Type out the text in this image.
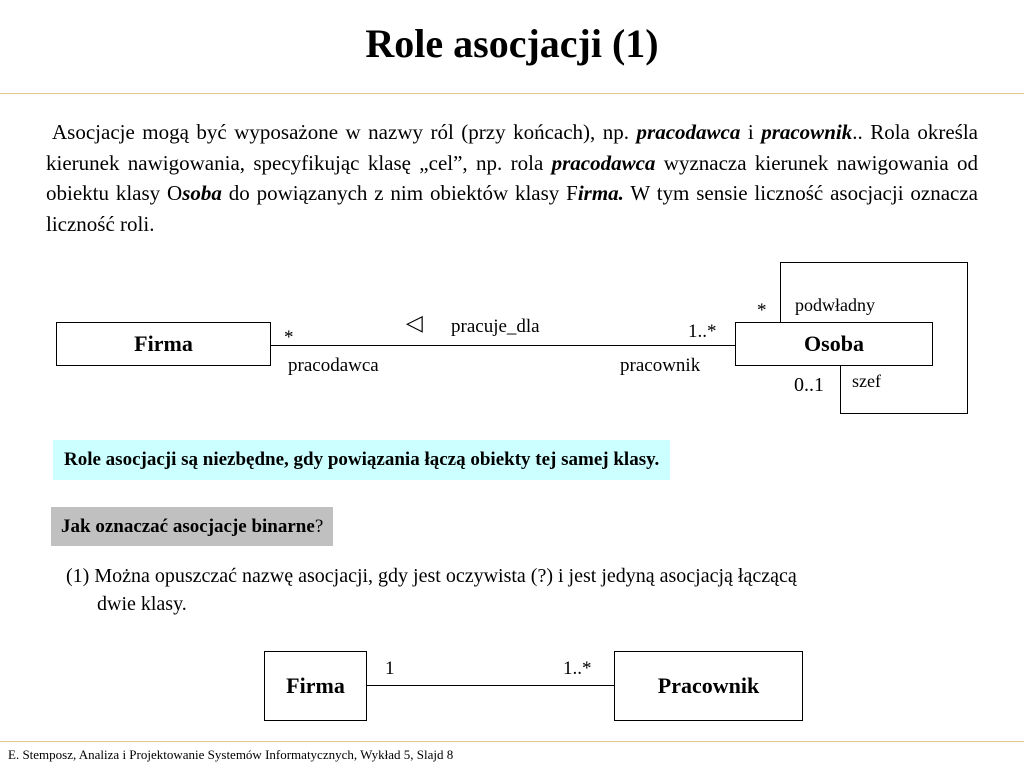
Role asocjacji (1)

Asocjacje mogą być wyposażone w nazwy ról (przy końcach), np. pracodawca i pracownik.. Rola określa kierunek nawigowania, specyfikując klasę „cel”, np. rola pracodawca wyznacza kierunek nawigowania od obiektu klasy Osoba do powiązanych z nim obiektów klasy Firma. W tym sensie liczność asocjacji oznacza liczność roli.

Firma	Osoba
◁ pracuje_dla
*
pracodawca
1..*
pracownik
* podwładny
0..1 szef
Role asocjacji są niezbędne, gdy powiązania łączą obiekty tej samej klasy.
Jak oznaczać asocjacje binarne?
(1) Można opuszczać nazwę asocjacji, gdy jest oczywista (?) i jest jedyną asocjacją łączącą
dwie klasy.
Firma	Pracownik
1	1..*
E. Stemposz, Analiza i Projektowanie Systemów Informatycznych, Wykład 5, Slajd 8
